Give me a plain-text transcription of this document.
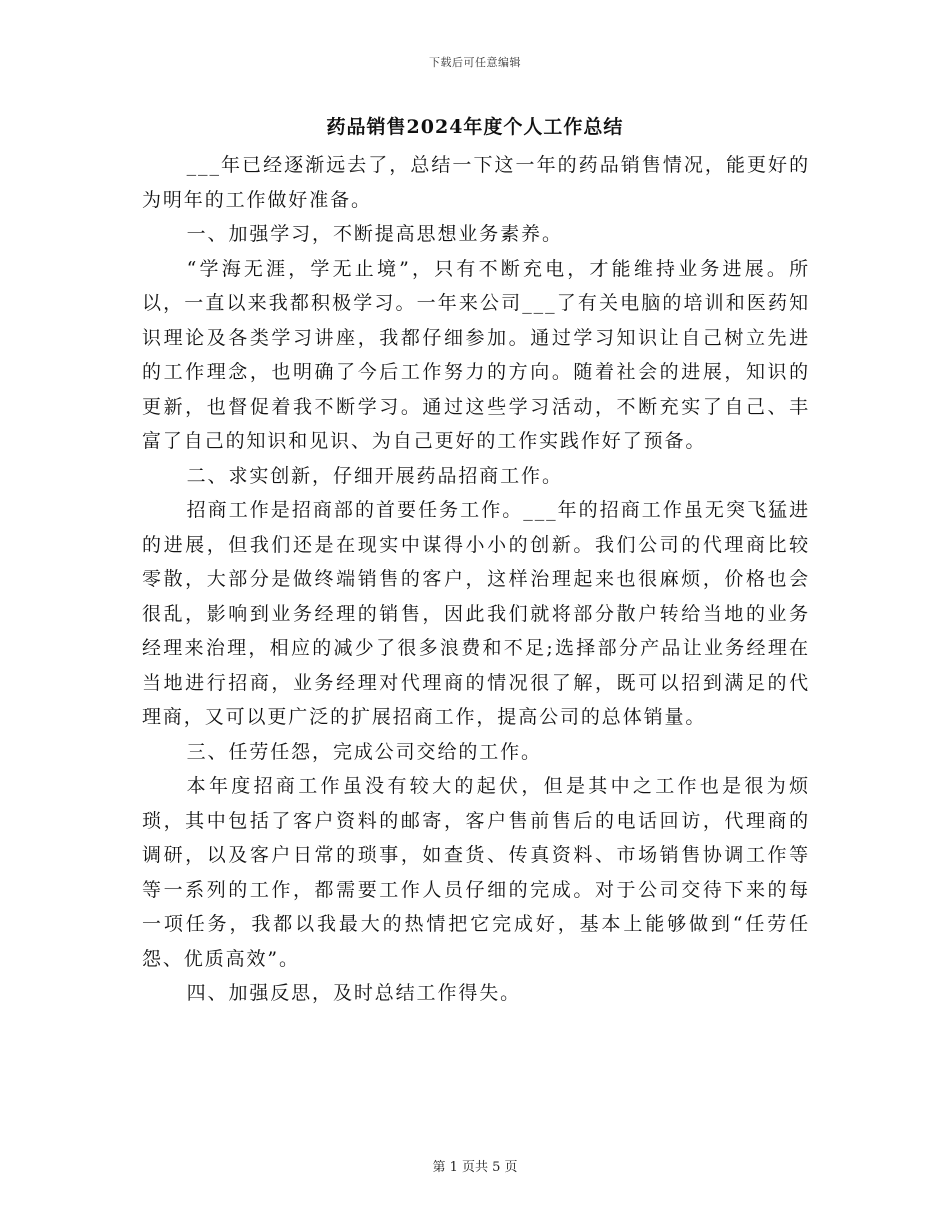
下载后可任意编辑
药品销售2024年度个人工作总结

___年已经逐渐远去了，总结一下这一年的药品销售情况，能更好的为明年的工作做好准备。

一、加强学习，不断提高思想业务素养。

“学海无涯，学无止境”，只有不断充电，才能维持业务进展。所以，一直以来我都积极学习。一年来公司___了有关电脑的培训和医药知识理论及各类学习讲座，我都仔细参加。通过学习知识让自己树立先进的工作理念，也明确了今后工作努力的方向。随着社会的进展，知识的更新，也督促着我不断学习。通过这些学习活动，不断充实了自己、丰富了自己的知识和见识、为自己更好的工作实践作好了预备。

二、求实创新，仔细开展药品招商工作。

招商工作是招商部的首要任务工作。___年的招商工作虽无突飞猛进的进展，但我们还是在现实中谋得小小的创新。我们公司的代理商比较零散，大部分是做终端销售的客户，这样治理起来也很麻烦，价格也会很乱，影响到业务经理的销售，因此我们就将部分散户转给当地的业务经理来治理，相应的减少了很多浪费和不足;选择部分产品让业务经理在当地进行招商，业务经理对代理商的情况很了解，既可以招到满足的代理商，又可以更广泛的扩展招商工作，提高公司的总体销量。

三、任劳任怨，完成公司交给的工作。

本年度招商工作虽没有较大的起伏，但是其中之工作也是很为烦琐，其中包括了客户资料的邮寄，客户售前售后的电话回访，代理商的调研，以及客户日常的琐事，如查货、传真资料、市场销售协调工作等等一系列的工作，都需要工作人员仔细的完成。对于公司交待下来的每一项任务，我都以我最大的热情把它完成好，基本上能够做到“任劳任怨、优质高效”。

四、加强反思，及时总结工作得失。

第 1 页共 5 页
